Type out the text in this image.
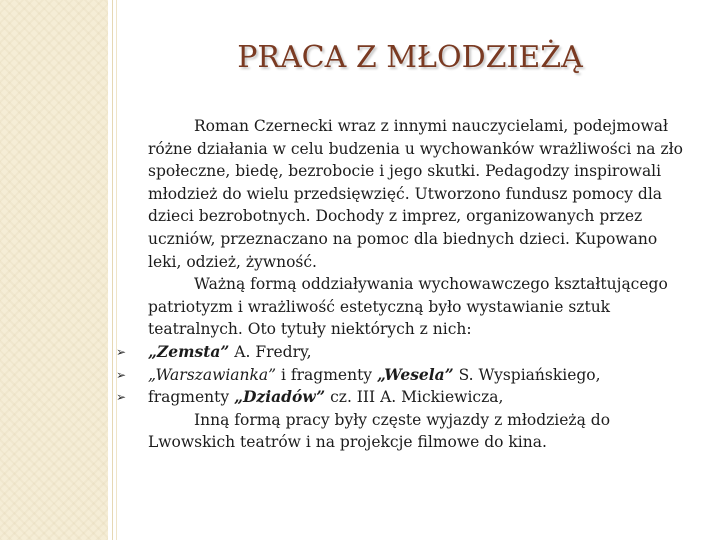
PRACA Z MŁODZIEŻĄ
Roman Czernecki wraz z innymi nauczycielami, podejmował
różne działania w celu budzenia u wychowanków wrażliwości na zło
społeczne, biedę, bezrobocie i jego skutki. Pedagodzy inspirowali
młodzież do wielu przedsięwzięć. Utworzono fundusz pomocy dla
dzieci bezrobotnych. Dochody z imprez, organizowanych przez
uczniów, przeznaczano na pomoc dla biednych dzieci. Kupowano
leki, odzież, żywność.
Ważną formą oddziaływania wychowawczego kształtującego
patriotyzm i wrażliwość estetyczną było wystawianie sztuk
teatralnych. Oto tytuły niektórych z nich:
➢ „Zemsta” A. Fredry,
➢ „Warszawianka” i fragmenty „Wesela” S. Wyspiańskiego,
➢ fragmenty „Dziadów” cz. III A. Mickiewicza,
Inną formą pracy były częste wyjazdy z młodzieżą do
Lwowskich teatrów i na projekcje filmowe do kina.
